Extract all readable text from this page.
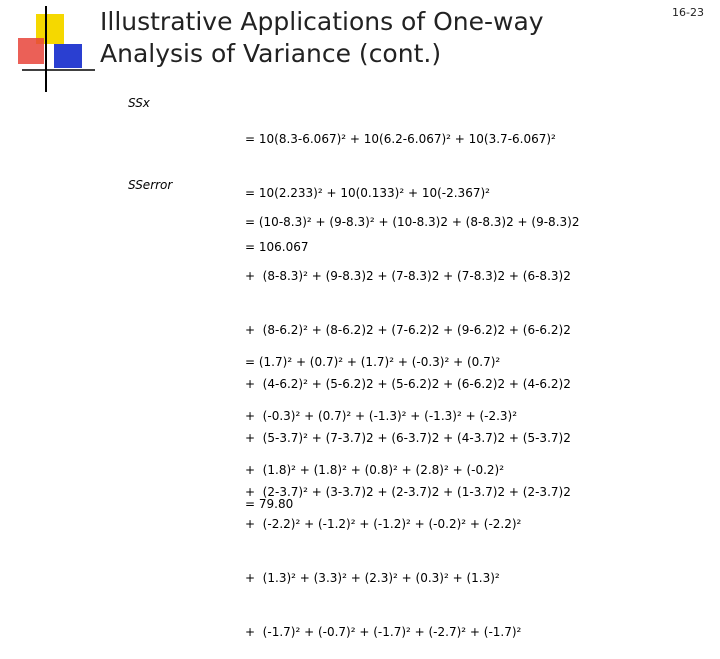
Illustrative Applications of One-way
Analysis of Variance (cont.)
16-23
SSx

= 10(8.3-6.067)² + 10(6.2-6.067)² + 10(3.7-6.067)²

= 10(2.233)² + 10(0.133)² + 10(-2.367)²

= 106.067

SSerror

= (10-8.3)² + (9-8.3)² + (10-8.3)2 + (8-8.3)2 + (9-8.3)2

+  (8-8.3)² + (9-8.3)2 + (7-8.3)2 + (7-8.3)2 + (6-8.3)2

+  (8-6.2)² + (8-6.2)2 + (7-6.2)2 + (9-6.2)2 + (6-6.2)2

+  (4-6.2)² + (5-6.2)2 + (5-6.2)2 + (6-6.2)2 + (4-6.2)2

+  (5-3.7)² + (7-3.7)2 + (6-3.7)2 + (4-3.7)2 + (5-3.7)2

+  (2-3.7)² + (3-3.7)2 + (2-3.7)2 + (1-3.7)2 + (2-3.7)2

= (1.7)² + (0.7)² + (1.7)² + (-0.3)² + (0.7)²

+  (-0.3)² + (0.7)² + (-1.3)² + (-1.3)² + (-2.3)²

+  (1.8)² + (1.8)² + (0.8)² + (2.8)² + (-0.2)²

+  (-2.2)² + (-1.2)² + (-1.2)² + (-0.2)² + (-2.2)²

+  (1.3)² + (3.3)² + (2.3)² + (0.3)² + (1.3)²

+  (-1.7)² + (-0.7)² + (-1.7)² + (-2.7)² + (-1.7)²

= 79.80
